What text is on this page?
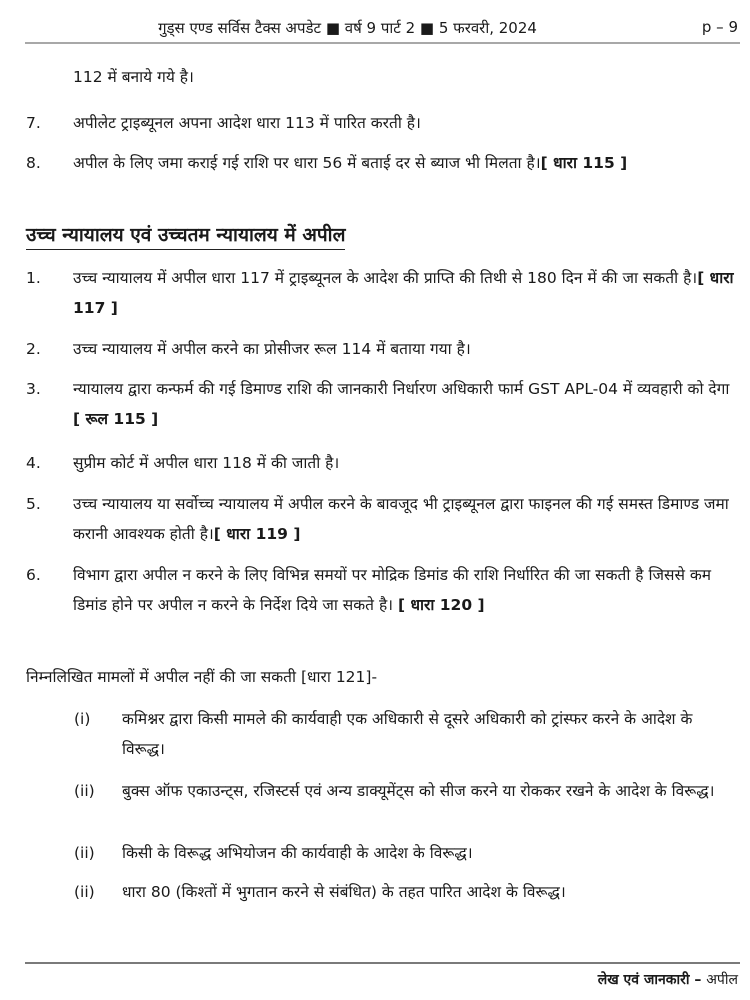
गुड्स एण्ड सर्विस टैक्स अपडेट ■ वर्ष 9 पार्ट 2 ■ 5 फरवरी, 2024	p – 9
112 में बनाये गये है।
7.	अपीलेट ट्राइब्यूनल अपना आदेश धारा 113 में पारित करती है।
8.	अपील के लिए जमा कराई गई राशि पर धारा 56 में बताई दर से ब्याज भी मिलता है।[ धारा 115 ]
उच्च न्यायालय एवं उच्चतम न्यायालय में अपील
1.	उच्च न्यायालय में अपील धारा 117 में ट्राइब्यूनल के आदेश की प्राप्ति की तिथी से 180 दिन में की जा सकती है।[ धारा 117 ]
2.	उच्च न्यायालय में अपील करने का प्रोसीजर रूल 114 में बताया गया है।
3.	न्यायालय द्वारा कन्फर्म की गई डिमाण्ड राशि की जानकारी निर्धारण अधिकारी फार्म GST APL-04 में व्यवहारी को देगा [ रूल 115 ]
4.	सुप्रीम कोर्ट में अपील धारा 118 में की जाती है।
5.	उच्च न्यायालय या सर्वोच्च न्यायालय में अपील करने के बावजूद भी ट्राइब्यूनल द्वारा फाइनल की गई समस्त डिमाण्ड जमा करानी आवश्यक होती है।[ धारा 119 ]
6.	विभाग द्वारा अपील न करने के लिए विभिन्न समयों पर मोद्रिक डिमांड की राशि निर्धारित की जा सकती है जिससे कम डिमांड होने पर अपील न करने के निर्देश दिये जा सकते है। [ धारा 120 ]
निम्नलिखित मामलों में अपील नहीं की जा सकती [धारा 121]-
(i)	कमिश्नर द्वारा किसी मामले की कार्यवाही एक अधिकारी से दूसरे अधिकारी को ट्रांस्फर करने के आदेश के विरूद्ध।
(ii)	बुक्स ऑफ एकाउन्ट्स, रजिस्टर्स एवं अन्य डाक्यूमेंट्स को सीज करने या रोककर रखने के आदेश के विरूद्ध।
(ii)	किसी के विरूद्ध अभियोजन की कार्यवाही के आदेश के विरूद्ध।
(ii)	धारा 80 (किश्तों में भुगतान करने से संबंधित) के तहत पारित आदेश के विरूद्ध।
लेख एवं जानकारी – अपील
